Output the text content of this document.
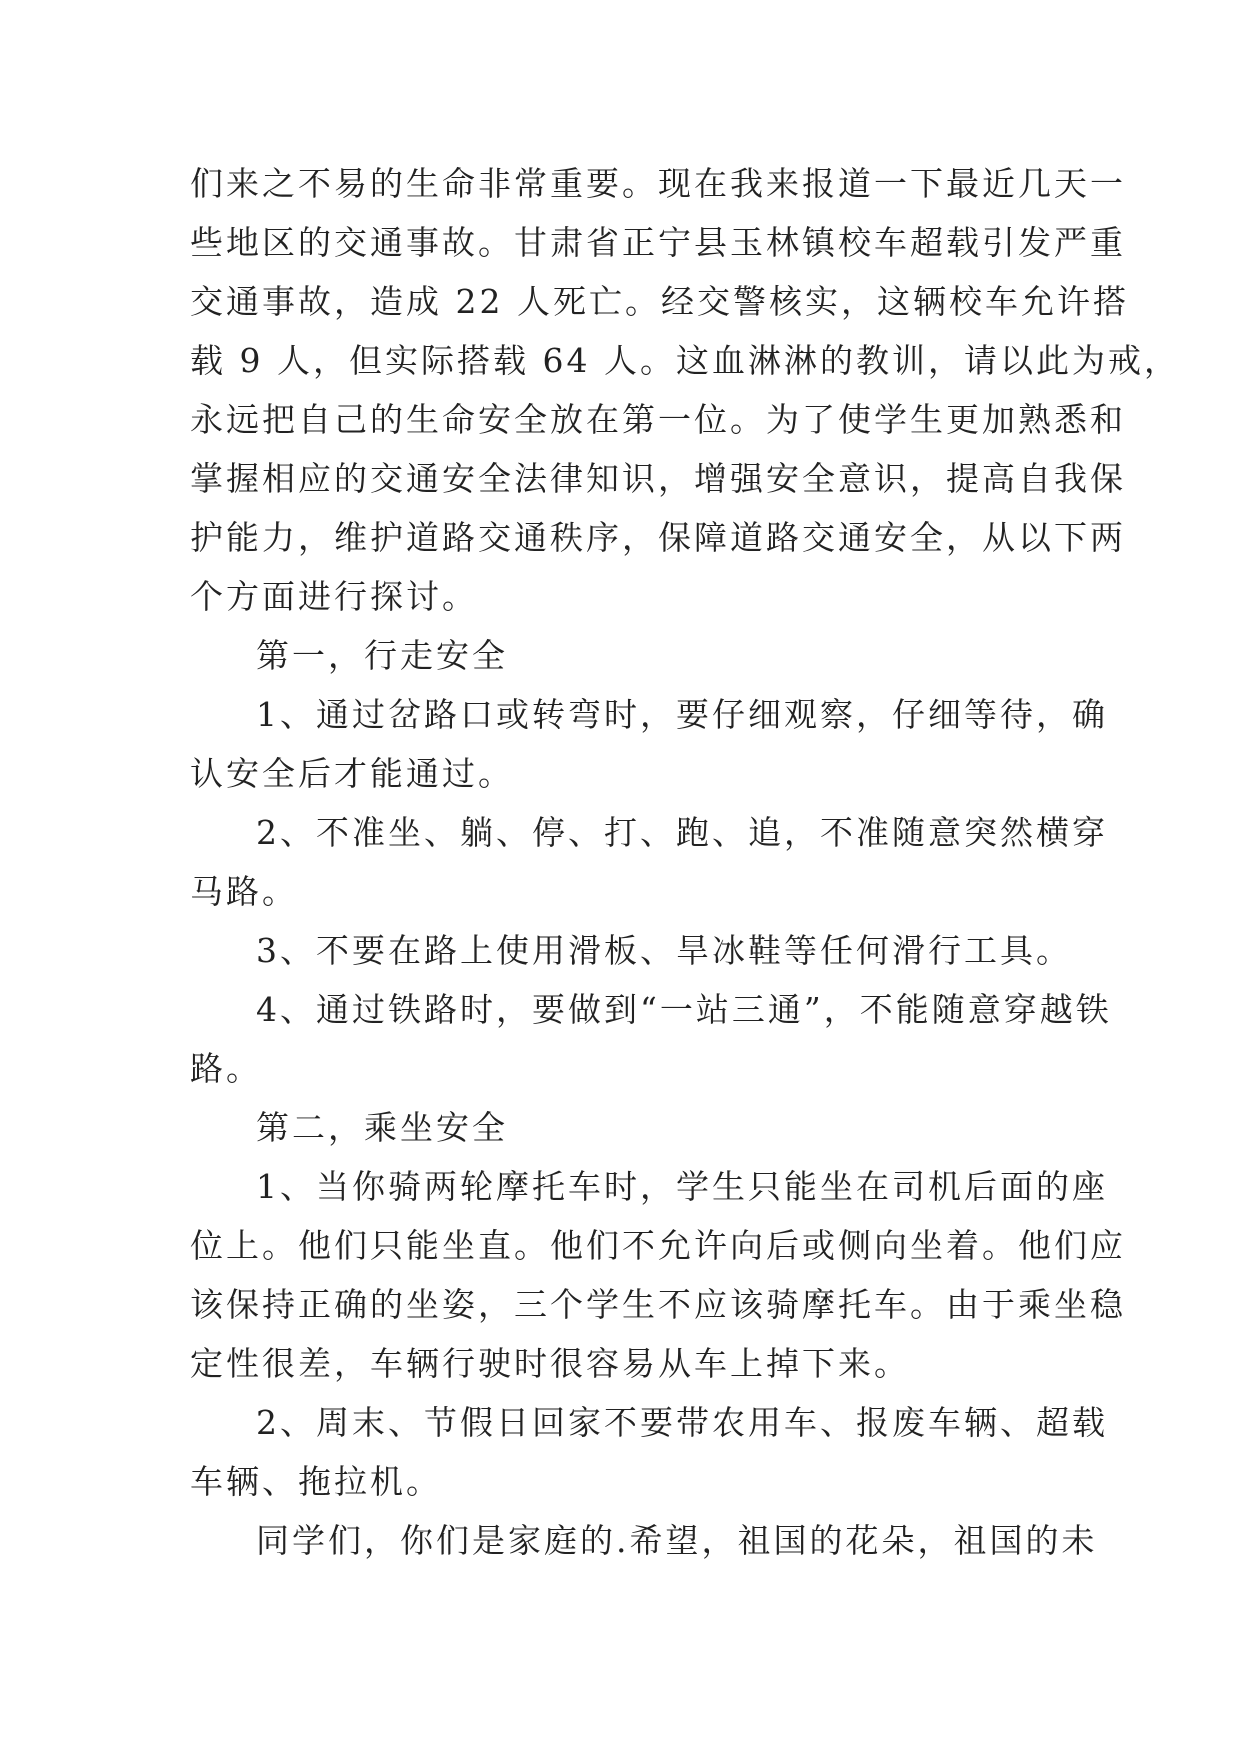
们来之不易的生命非常重要。现在我来报道一下最近几天一
些地区的交通事故。甘肃省正宁县玉林镇校车超载引发严重
交通事故，造成 22 人死亡。经交警核实，这辆校车允许搭
载 9 人，但实际搭载 64 人。这血淋淋的教训，请以此为戒，
永远把自己的生命安全放在第一位。为了使学生更加熟悉和
掌握相应的交通安全法律知识，增强安全意识，提高自我保
护能力，维护道路交通秩序，保障道路交通安全，从以下两
个方面进行探讨。
第一，行走安全
1、通过岔路口或转弯时，要仔细观察，仔细等待，确
认安全后才能通过。
2、不准坐、躺、停、打、跑、追，不准随意突然横穿
马路。
3、不要在路上使用滑板、旱冰鞋等任何滑行工具。
4、通过铁路时，要做到“一站三通”，不能随意穿越铁
路。
第二，乘坐安全
1、当你骑两轮摩托车时，学生只能坐在司机后面的座
位上。他们只能坐直。他们不允许向后或侧向坐着。他们应
该保持正确的坐姿，三个学生不应该骑摩托车。由于乘坐稳
定性很差，车辆行驶时很容易从车上掉下来。
2、周末、节假日回家不要带农用车、报废车辆、超载
车辆、拖拉机。
同学们，你们是家庭的.希望，祖国的花朵，祖国的未
